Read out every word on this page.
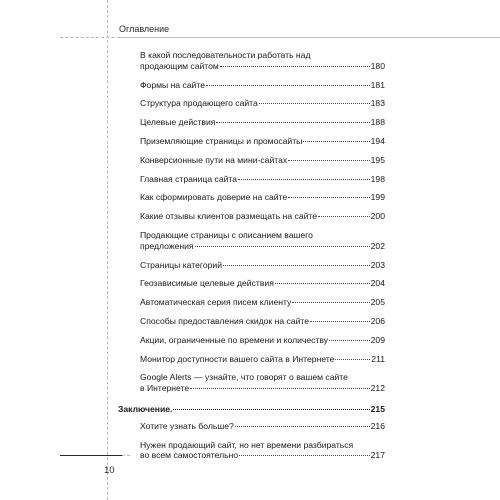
Оглавление
В какой последовательности работать над
продающим сайтом	180
Формы на сайте	181
Структура продающего сайта	183
Целевые действия	188
Приземляющие страницы и промосайты	194
Конверсионные пути на мини-сайтах	195
Главная страница сайта	198
Как сформировать доверие на сайте	199
Какие отзывы клиентов размещать на сайте	200
Продающие страницы с описанием вашего
предложения	202
Страницы категорий	203
Геозависимые целевые действия	204
Автоматическая серия писем клиенту	205
Способы предоставления скидок на сайте	206
Акции, ограниченные по времени и количеству	209
Монитор доступности вашего сайта в Интернете	211
Google Alerts — узнайте, что говорят о вашем сайте
в Интернете	212
Заключение.	215
Хотите узнать больше?	216
Нужен продающий сайт, но нет времени разбираться
во всем самостоятельно	217
10
